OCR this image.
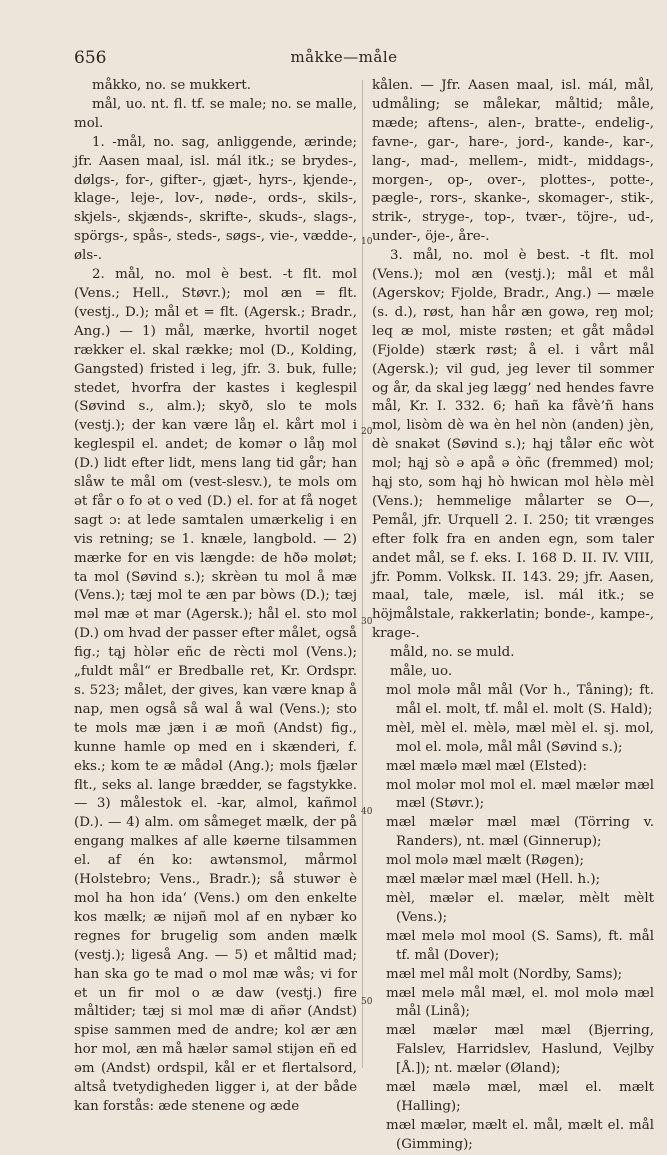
656	måkke—måle
10
20
30
40
50

måkko, no. se mukkert.

mål, uo. nt. fl. tf. se male; no. se malle, mol.

1. -mål, no. sag, anliggende, ærinde; jfr. Aasen maal, isl. mál itk.; se brydes-, dølgs-, for-, gifter-, gjæt-, hyrs-, kjende-, klage-, leje-, lov-, nøde-, ords-, skils-, skjels-, skjænds-, skrifte-, skuds-, slags-, spörgs-, spås-, steds-, søgs-, vie-, vædde-, øls-.

2. mål, no. mol è best. -t flt. mol (Vens.; Hell., Støvr.); mol æn = flt. (vestj., D.); mål et = flt. (Agersk.; Bradr., Ang.) — 1) mål, mærke, hvortil noget rækker el. skal række; mol (D., Kolding, Gangsted) fristed i leg, jfr. 3. buk, fulle; stedet, hvorfra der kastes i keglespil (Søvind s., alm.); skyð, slo te mols (vestj.); der kan være låŋ el. kårt mol i keglespil el. andet; de komər o låŋ mol (D.) lidt efter lidt, mens lang tid går; han slåw te mål om (vest-slesv.), te mols om ət får o fo ət o ved (D.) el. for at få noget sagt ɔ: at lede samtalen umærkelig i en vis retning; se 1. knæle, langbold. — 2) mærke for en vis længde: de hðə moløt; ta mol (Søvind s.); skrèən tu mol å mæ (Vens.); tæj mol te æn par bòws (D.); tæj məl mæ ət mar (Agersk.); hål el. sto mol (D.) om hvad der passer efter målet, også fig.; tąj hòlər eñc de rècti mol (Vens.); „fuldt mål“ er Bredballe ret, Kr. Ordspr. s. 523; målet, der gives, kan være knap å nap, men også så wal å wal (Vens.); sto te mols mæ jæn i æ moñ (Andst) fig., kunne hamle op med en i skænderi, f. eks.; kom te æ mådəl (Ang.); mols fjælər flt., seks al. lange brædder, se fagstykke. — 3) målestok el. -kar, almol, kañmol (D.). — 4) alm. om såmeget mælk, der på engang malkes af alle køerne tilsammen el. af én ko: awtənsmol, mårmol (Holstebro; Vens., Bradr.); så stuwər è mol ha hon ida‘ (Vens.) om den enkelte kos mælk; æ nijəñ mol af en nybær ko regnes for brugelig som anden mælk (vestj.); ligeså Ang. — 5) et måltid mad; han ska go te mad o mol mæ wås; vi for et un fir mol o æ daw (vestj.) fire måltider; tæj si mol mæ di añər (Andst) spise sammen med de andre; kol ær æn hor mol, æn må hælər saməl stijən eñ ed əm (Andst) ordspil, kål er et flertalsord, altså tvetydigheden ligger i, at der både kan forstås: æde stenene og æde

kålen. — Jfr. Aasen maal, isl. mál, mål, udmåling; se målekar, måltid; måle, mæde; aftens-, alen-, bratte-, endelig-, favne-, gar-, hare-, jord-, kande-, kar-, lang-, mad-, mellem-, midt-, middags-, morgen-, op-, over-, plottes-, potte-, pægle-, rors-, skanke-, skomager-, stik-, strik-, stryge-, top-, tvær-, töjre-, ud-, under-, öje-, åre-.

3. mål, no. mol è best. -t flt. mol (Vens.); mol æn (vestj.); mål et mål (Agerskov; Fjolde, Bradr., Ang.) — mæle (s. d.), røst, han hår æn gowə, reŋ mol; leq æ mol, miste røsten; et gåt mådəl (Fjolde) stærk røst; å el. i vårt mål (Agersk.); vil gud, jeg lever til sommer og år, da skal jeg lægg’ ned hendes favre mål, Kr. I. 332. 6; hañ ka fåvè’ñ hans mol, lisòm dè wa èn hel nòn (anden) jèn, dè snakət (Søvind s.); hąj tålər eñc wòt mol; hąj sò ə apå ə òñc (fremmed) mol; hąj sto, som hąj hò hwican mol hèlə mèl (Vens.); hemmelige målarter se O—, Pemål, jfr. Urquell 2. I. 250; tit vrænges efter folk fra en anden egn, som taler andet mål, se f. eks. I. 168 D. II. IV. VIII, jfr. Pomm. Volksk. II. 143. 29; jfr. Aasen, maal, tale, mæle, isl. mál itk.; se höjmålstale, rakkerlatin; bonde-, kampe-, krage-.

måld, no. se muld.

måle, uo.

mol molə mål mål (Vor h., Tåning); ft. mål el. molt, tf. mål el. molt (S. Hald);

mèl, mèl el. mèlə, mæl mèl el. sj. mol, mol el. molə, mål mål (Søvind s.);

mæl mælə mæl mæl (Elsted):

mol molər mol mol el. mæl mælər mæl mæl (Støvr.);

mæl mælər mæl mæl (Törring v. Randers), nt. mæl (Ginnerup);

mol molə mæl mælt (Røgen);

mæl mælər mæl mæl (Hell. h.);

mèl, mælər el. mælər, mèlt mèlt (Vens.);

mæl melə mol mool (S. Sams), ft. mål tf. mål (Dover);

mæl mel mål molt (Nordby, Sams);

mæl melə mål mæl, el. mol molə mæl mål (Linå);

mæl mælər mæl mæl (Bjerring, Falslev, Harridslev, Haslund, Vejlby [Å.]); nt. mælər (Øland);

mæl mælə mæl, mæl el. mælt (Halling);

mæl mælər, mælt el. mål, mælt el. mål (Gimming);
